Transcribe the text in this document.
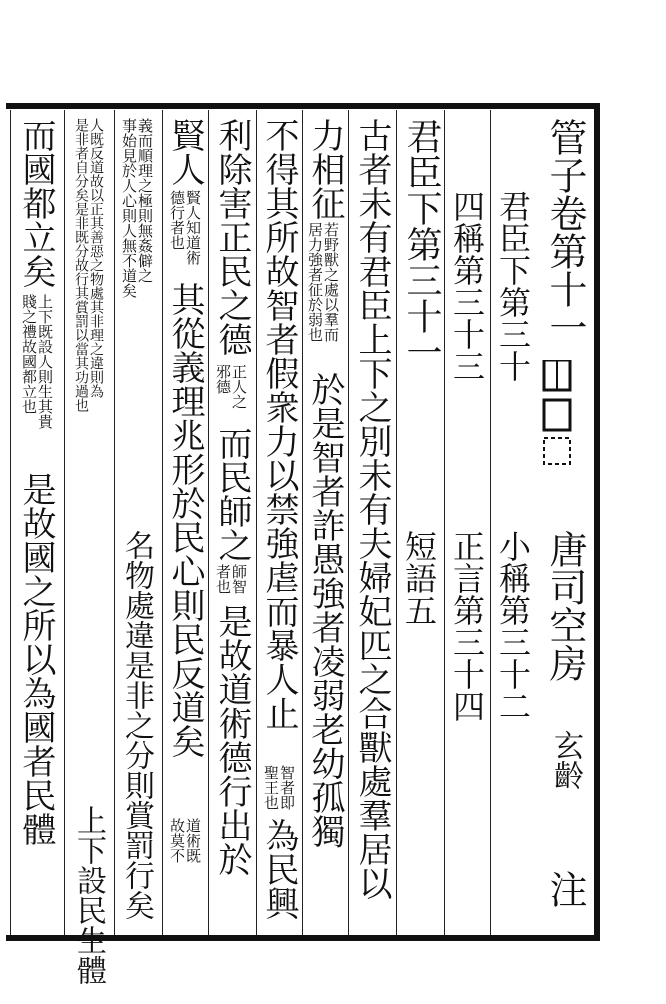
管子卷第十一
唐司空房
玄齡
注
君臣下第三十
小稱第三十二
四稱第三十三
正言第三十四
君臣下第三十一
短語五
古者未有君臣上下之別未有夫婦妃匹之合獸處羣居以
力相征
居力強者征於弱也若野獸之處以羣而
於是智者詐愚強者凌弱老幼孤獨
不得其所故智者假衆力以禁強虐而暴人止
聖王也智者即
為民興
利除害正民之德
邪德正人之
而民師之
者也師智
是故道術德行出於
賢人
德行者也賢人知道術
其從義理兆形於民心則民反道矣
故莫不道術既
事始見於人心則人無不道矣義而順理之極則無姦僻之
名物處違是非之分則賞罰行矣
是非者自分矣是非既分故行其賞罰以當其功過也人既反道故以正其善惡之物處其非理之違則為
上下設民生體
而國都立矣
賤之禮故國都立也上下既設人則生其貴
是故國之所以為國者民體
